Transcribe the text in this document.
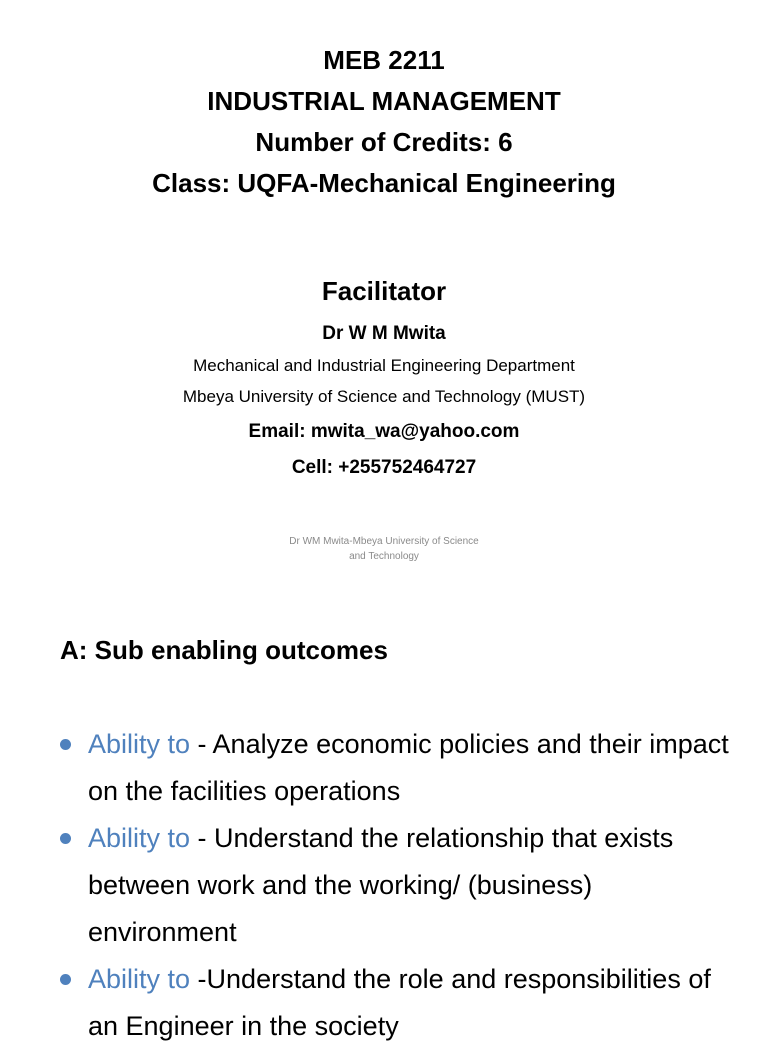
MEB 2211
INDUSTRIAL MANAGEMENT
Number of Credits: 6
Class: UQFA-Mechanical Engineering
Facilitator
Dr W M Mwita
Mechanical and Industrial Engineering Department
Mbeya University of Science and Technology (MUST)
Email: mwita_wa@yahoo.com
Cell: +255752464727
Dr WM Mwita-Mbeya University of Science
and Technology
A: Sub enabling outcomes
Ability to - Analyze economic policies and their impact on the facilities operations
Ability to - Understand the relationship that exists between work and the working/ (business) environment
Ability to -Understand the role and responsibilities of an Engineer in the society
